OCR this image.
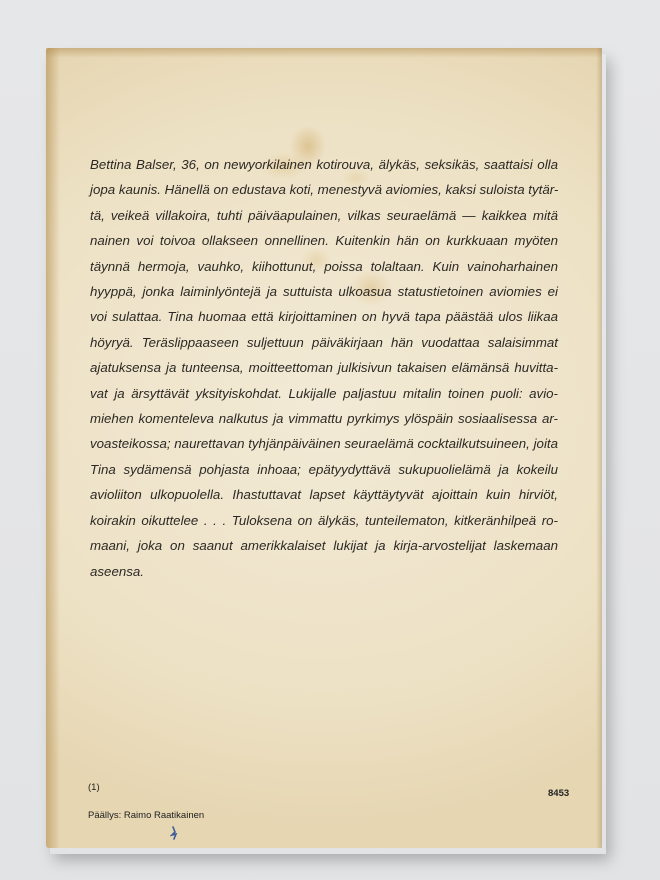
Bettina Balser, 36, on newyorkilainen kotirouva, älykäs, seksikäs, saattaisi olla
jopa kaunis. Hänellä on edustava koti, menestyvä aviomies, kaksi suloista tytär-
tä, veikeä villakoira, tuhti päiväapulainen, vilkas seuraelämä — kaikkea mitä
nainen voi toivoa ollakseen onnellinen. Kuitenkin hän on kurkkuaan myöten
täynnä hermoja, vauhko, kiihottunut, poissa tolaltaan. Kuin vainoharhainen
hyyppä, jonka laiminlyöntejä ja suttuista ulkoasua statustietoinen aviomies ei
voi sulattaa. Tina huomaa että kirjoittaminen on hyvä tapa päästää ulos liikaa
höyryä. Teräslippaaseen suljettuun päiväkirjaan hän vuodattaa salaisimmat
ajatuksensa ja tunteensa, moitteettoman julkisivun takaisen elämänsä huvitta-
vat ja ärsyttävät yksityiskohdat. Lukijalle paljastuu mitalin toinen puoli: avio-
miehen komenteleva nalkutus ja vimmattu pyrkimys ylöspäin sosiaalisessa ar-
voasteikossa; naurettavan tyhjänpäiväinen seuraelämä cocktailkutsuineen, joita
Tina sydämensä pohjasta inhoaa; epätyydyttävä sukupuolielämä ja kokeilu
avioliiton ulkopuolella. Ihastuttavat lapset käyttäytyvät ajoittain kuin hirviöt,
koirakin oikuttelee . . . Tuloksena on älykäs, tunteilematon, kitkeränhilpeä ro-
maani, joka on saanut amerikkalaiset lukijat ja kirja-arvostelijat laskemaan
aseensa.

(1)
8453
Päällys: Raimo Raatikainen
